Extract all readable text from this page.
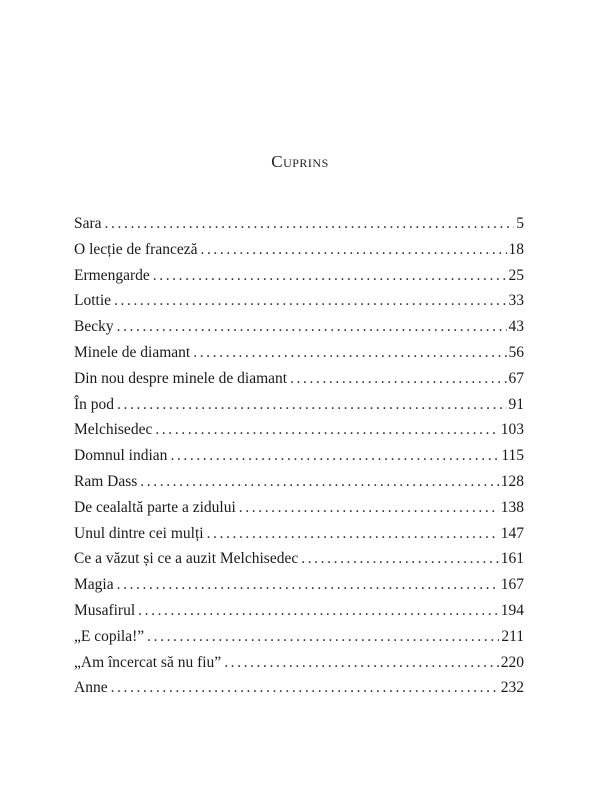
Cuprins
Sara .....	5
O lecție de franceză .....	18
Ermengarde .....	25
Lottie .....	33
Becky .....	43
Minele de diamant .....	56
Din nou despre minele de diamant .....	67
În pod .....	91
Melchisedec .....	103
Domnul indian .....	115
Ram Dass .....	128
De cealaltă parte a zidului .....	138
Unul dintre cei mulți .....	147
Ce a văzut și ce a auzit Melchisedec .....	161
Magia .....	167
Musafirul .....	194
„E copila!” .....	211
„Am încercat să nu fiu” .....	220
Anne .....	232
